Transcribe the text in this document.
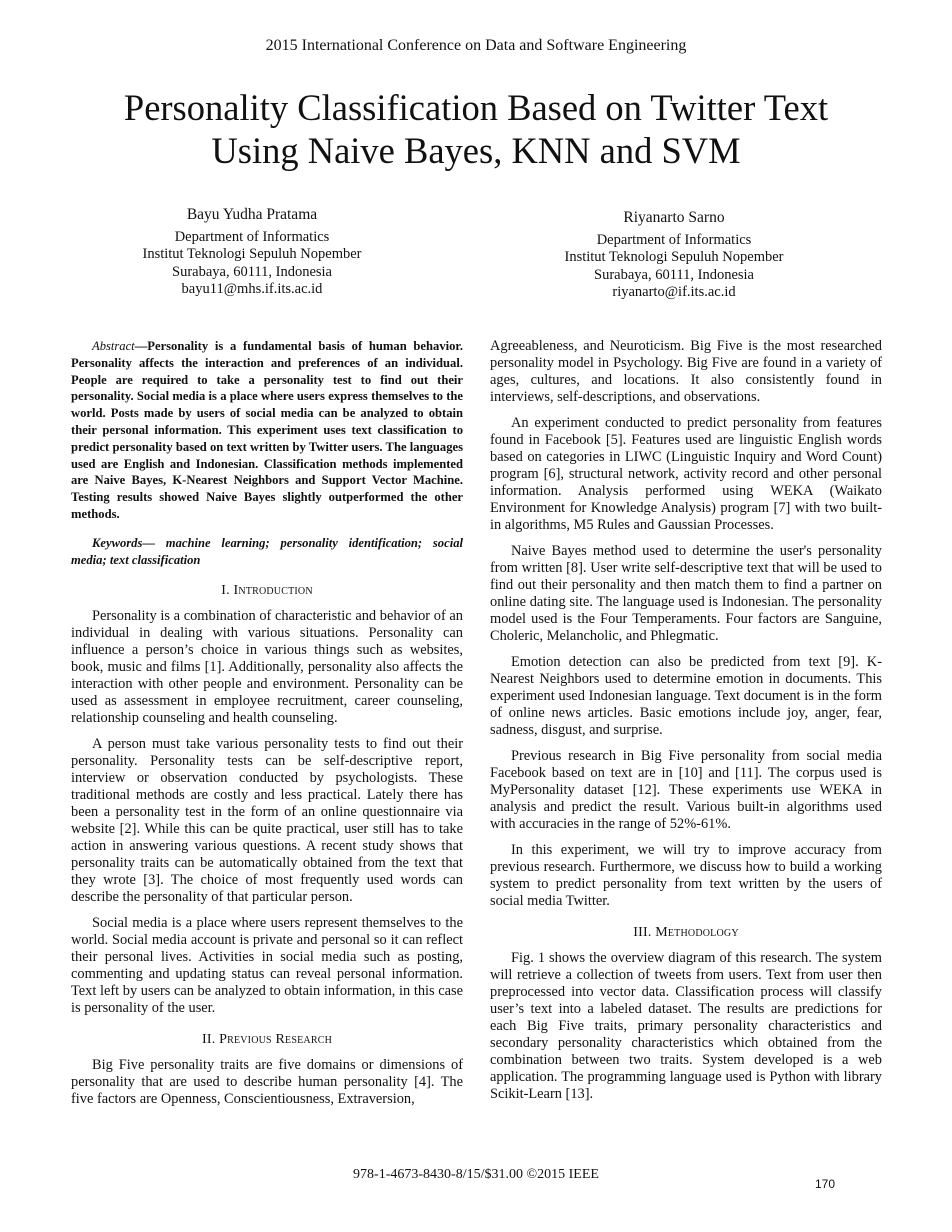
2015 International Conference on Data and Software Engineering
Personality Classification Based on Twitter Text
Using Naive Bayes, KNN and SVM
Bayu Yudha Pratama
Department of Informatics
Institut Teknologi Sepuluh Nopember
Surabaya, 60111, Indonesia
bayu11@mhs.if.its.ac.id
Riyanarto Sarno
Department of Informatics
Institut Teknologi Sepuluh Nopember
Surabaya, 60111, Indonesia
riyanarto@if.its.ac.id

Abstract—Personality is a fundamental basis of human behavior. Personality affects the interaction and preferences of an individual. People are required to take a personality test to find out their personality. Social media is a place where users express themselves to the world. Posts made by users of social media can be analyzed to obtain their personal information. This experiment uses text classification to predict personality based on text written by Twitter users. The languages used are English and Indonesian. Classification methods implemented are Naive Bayes, K-Nearest Neighbors and Support Vector Machine. Testing results showed Naive Bayes slightly outperformed the other methods.

Keywords— machine learning; personality identification; social media; text classification

I. Introduction

Personality is a combination of characteristic and behavior of an individual in dealing with various situations. Personality can influence a person’s choice in various things such as websites, book, music and films [1]. Additionally, personality also affects the interaction with other people and environment. Personality can be used as assessment in employee recruitment, career counseling, relationship counseling and health counseling.

A person must take various personality tests to find out their personality. Personality tests can be self-descriptive report, interview or observation conducted by psychologists. These traditional methods are costly and less practical. Lately there has been a personality test in the form of an online questionnaire via website [2]. While this can be quite practical, user still has to take action in answering various questions. A recent study shows that personality traits can be automatically obtained from the text that they wrote [3]. The choice of most frequently used words can describe the personality of that particular person.

Social media is a place where users represent themselves to the world. Social media account is private and personal so it can reflect their personal lives. Activities in social media such as posting, commenting and updating status can reveal personal information. Text left by users can be analyzed to obtain information, in this case is personality of the user.

II. Previous Research

Big Five personality traits are five domains or dimensions of personality that are used to describe human personality [4]. The five factors are Openness, Conscientiousness, Extraversion,

Agreeableness, and Neuroticism. Big Five is the most researched personality model in Psychology. Big Five are found in a variety of ages, cultures, and locations. It also consistently found in interviews, self-descriptions, and observations.

An experiment conducted to predict personality from features found in Facebook [5]. Features used are linguistic English words based on categories in LIWC (Linguistic Inquiry and Word Count) program [6], structural network, activity record and other personal information. Analysis performed using WEKA (Waikato Environment for Knowledge Analysis) program [7] with two built-in algorithms, M5 Rules and Gaussian Processes.

Naive Bayes method used to determine the user's personality from written [8]. User write self-descriptive text that will be used to find out their personality and then match them to find a partner on online dating site. The language used is Indonesian. The personality model used is the Four Temperaments. Four factors are Sanguine, Choleric, Melancholic, and Phlegmatic.

Emotion detection can also be predicted from text [9]. K-Nearest Neighbors used to determine emotion in documents. This experiment used Indonesian language. Text document is in the form of online news articles. Basic emotions include joy, anger, fear, sadness, disgust, and surprise.

Previous research in Big Five personality from social media Facebook based on text are in [10] and [11]. The corpus used is MyPersonality dataset [12]. These experiments use WEKA in analysis and predict the result. Various built-in algorithms used with accuracies in the range of 52%-61%.

In this experiment, we will try to improve accuracy from previous research. Furthermore, we discuss how to build a working system to predict personality from text written by the users of social media Twitter.

III. Methodology

Fig. 1 shows the overview diagram of this research. The system will retrieve a collection of tweets from users. Text from user then preprocessed into vector data. Classification process will classify user’s text into a labeled dataset. The results are predictions for each Big Five traits, primary personality characteristics and secondary personality characteristics which obtained from the combination between two traits. System developed is a web application. The programming language used is Python with library Scikit-Learn [13].

978-1-4673-8430-8/15/$31.00 ©2015 IEEE
170
